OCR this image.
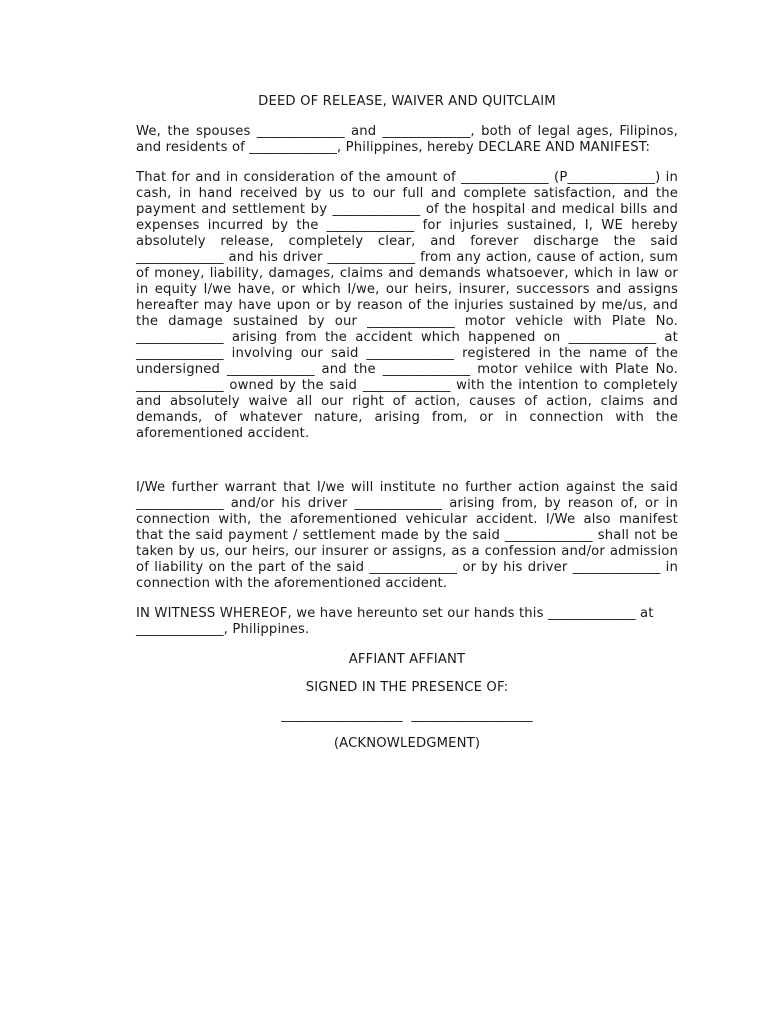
DEED OF RELEASE, WAIVER AND QUITCLAIM
We, the spouses _____________ and _____________, both of legal ages, Filipinos, and residents of _____________, Philippines, hereby DECLARE AND MANIFEST:
That for and in consideration of the amount of _____________ (P_____________) in cash, in hand received by us to our full and complete satisfaction, and the payment and settlement by _____________ of the hospital and medical bills and expenses incurred by the _____________ for injuries sustained, I, WE hereby absolutely release, completely clear, and forever discharge the said _____________ and his driver _____________ from any action, cause of action, sum of money, liability, damages, claims and demands whatsoever, which in law or in equity I/we have, or which I/we, our heirs, insurer, successors and assigns hereafter may have upon or by reason of the injuries sustained by me/us, and the damage sustained by our _____________ motor vehicle with Plate No. _____________ arising from the accident which happened on _____________ at _____________ involving our said _____________ registered in the name of the undersigned _____________ and the _____________ motor vehilce with Plate No. _____________ owned by the said _____________ with the intention to completely and absolutely waive all our right of action, causes of action, claims and demands, of whatever nature, arising from, or in connection with the aforementioned accident.
I/We further warrant that I/we will institute no further action against the said _____________ and/or his driver _____________ arising from, by reason of, or in connection with, the aforementioned vehicular accident. I/We also manifest that the said payment / settlement made by the said _____________ shall not be taken by us, our heirs, our insurer or assigns, as a confession and/or admission of liability on the part of the said _____________ or by his driver _____________ in connection with the aforementioned accident.
IN WITNESS WHEREOF, we have hereunto set our hands this _____________ at _____________, Philippines.
AFFIANT AFFIANT
SIGNED IN THE PRESENCE OF:
__________________  __________________
(ACKNOWLEDGMENT)
